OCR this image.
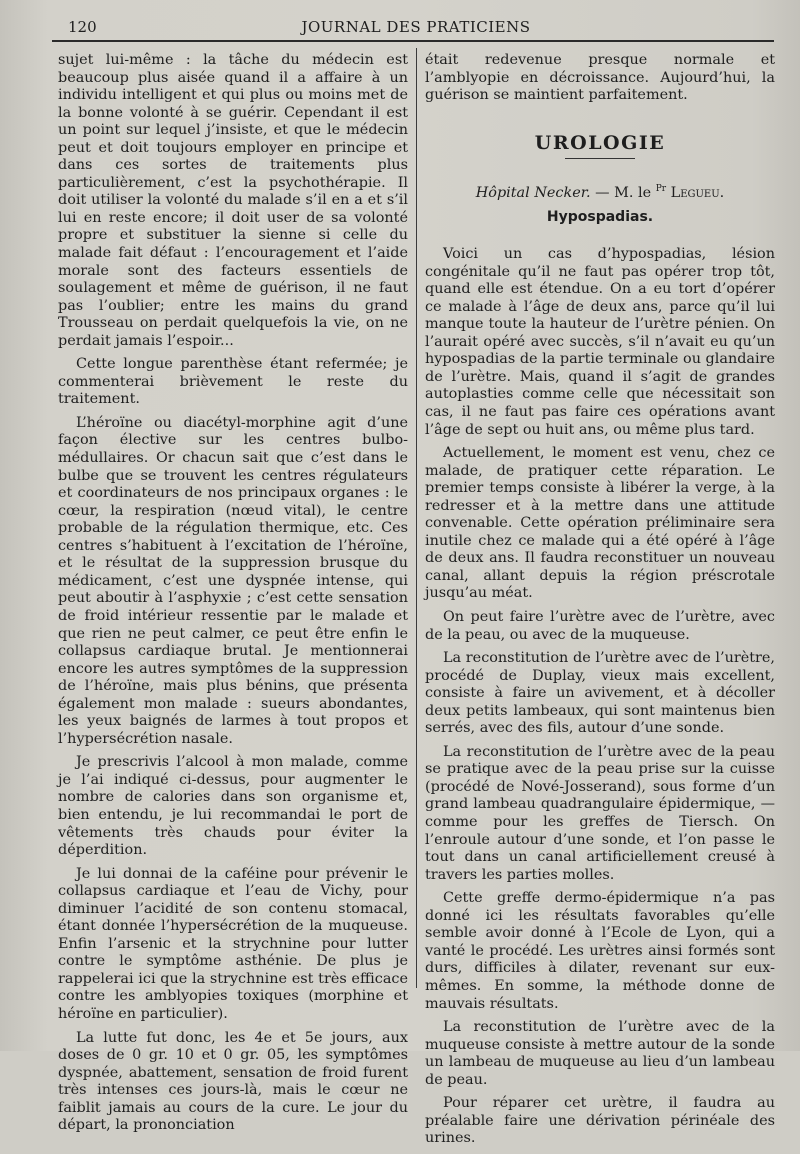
120	JOURNAL DES PRATICIENS

sujet lui-même : la tâche du médecin est beaucoup plus aisée quand il a affaire à un individu intelligent et qui plus ou moins met de la bonne volonté à se guérir. Cependant il est un point sur lequel j’insiste, et que le médecin peut et doit toujours employer en principe et dans ces sortes de traitements plus particulièrement, c’est la psychothérapie. Il doit utiliser la volonté du malade s’il en a et s’il lui en reste encore; il doit user de sa volonté propre et substituer la sienne si celle du malade fait défaut : l’encouragement et l’aide morale sont des facteurs essentiels de soulagement et même de guérison, il ne faut pas l’oublier; entre les mains du grand Trousseau on perdait quelquefois la vie, on ne perdait jamais l’espoir...

Cette longue parenthèse étant refermée; je commenterai brièvement le reste du traitement.

L’héroïne ou diacétyl-morphine agit d’une façon élective sur les centres bulbo-médullaires. Or chacun sait que c’est dans le bulbe que se trouvent les centres régulateurs et coordinateurs de nos principaux organes : le cœur, la respiration (nœud vital), le centre probable de la régulation thermique, etc. Ces centres s’habituent à l’excitation de l’héroïne, et le résultat de la suppression brusque du médicament, c’est une dyspnée intense, qui peut aboutir à l’asphyxie ; c’est cette sensation de froid intérieur ressentie par le malade et que rien ne peut calmer, ce peut être enfin le collapsus cardiaque brutal. Je mentionnerai encore les autres symptômes de la suppression de l’héroïne, mais plus bénins, que présenta également mon malade : sueurs abondantes, les yeux baignés de larmes à tout propos et l’hypersécrétion nasale.

Je prescrivis l’alcool à mon malade, comme je l’ai indiqué ci-dessus, pour augmenter le nombre de calories dans son organisme et, bien entendu, je lui recommandai le port de vêtements très chauds pour éviter la déperdition.

Je lui donnai de la caféine pour prévenir le collapsus cardiaque et l’eau de Vichy, pour diminuer l’acidité de son contenu stomacal, étant donnée l’hypersécrétion de la muqueuse. Enfin l’arsenic et la strychnine pour lutter contre le symptôme asthénie. De plus je rappelerai ici que la strychnine est très efficace contre les amblyopies toxiques (morphine et héroïne en particulier).

La lutte fut donc, les 4e et 5e jours, aux doses de 0 gr. 10 et 0 gr. 05, les symptômes dyspnée, abattement, sensation de froid furent très intenses ces jours-là, mais le cœur ne faiblit jamais au cours de la cure. Le jour du départ, la prononciation

était redevenue presque normale et l’amblyopie en décroissance. Aujourd’hui, la guérison se maintient parfaitement.

UROLOGIE
Hôpital Necker. — M. le $^{Pr}$ Legueu.
Hypospadias.

Voici un cas d’hypospadias, lésion congénitale qu’il ne faut pas opérer trop tôt, quand elle est étendue. On a eu tort d’opérer ce malade à l’âge de deux ans, parce qu’il lui manque toute la hauteur de l’urètre pénien. On l’aurait opéré avec succès, s’il n’avait eu qu’un hypospadias de la partie terminale ou glandaire de l’urètre. Mais, quand il s’agit de grandes autoplasties comme celle que nécessitait son cas, il ne faut pas faire ces opérations avant l’âge de sept ou huit ans, ou même plus tard.

Actuellement, le moment est venu, chez ce malade, de pratiquer cette réparation. Le premier temps consiste à libérer la verge, à la redresser et à la mettre dans une attitude convenable. Cette opération préliminaire sera inutile chez ce malade qui a été opéré à l’âge de deux ans. Il faudra reconstituer un nouveau canal, allant depuis la région préscrotale jusqu’au méat.

On peut faire l’urètre avec de l’urètre, avec de la peau, ou avec de la muqueuse.

La reconstitution de l’urètre avec de l’urètre, procédé de Duplay, vieux mais excellent, consiste à faire un avivement, et à décoller deux petits lambeaux, qui sont maintenus bien serrés, avec des fils, autour d’une sonde.

La reconstitution de l’urètre avec de la peau se pratique avec de la peau prise sur la cuisse (procédé de Nové-Josserand), sous forme d’un grand lambeau quadrangulaire épidermique, — comme pour les greffes de Tiersch. On l’enroule autour d’une sonde, et l’on passe le tout dans un canal artificiellement creusé à travers les parties molles.

Cette greffe dermo-épidermique n’a pas donné ici les résultats favorables qu’elle semble avoir donné à l’Ecole de Lyon, qui a vanté le procédé. Les urètres ainsi formés sont durs, difficiles à dilater, revenant sur eux-mêmes. En somme, la méthode donne de mauvais résultats.

La reconstitution de l’urètre avec de la muqueuse consiste à mettre autour de la sonde un lambeau de muqueuse au lieu d’un lambeau de peau.

Pour réparer cet urètre, il faudra au préalable faire une dérivation périnéale des urines.
